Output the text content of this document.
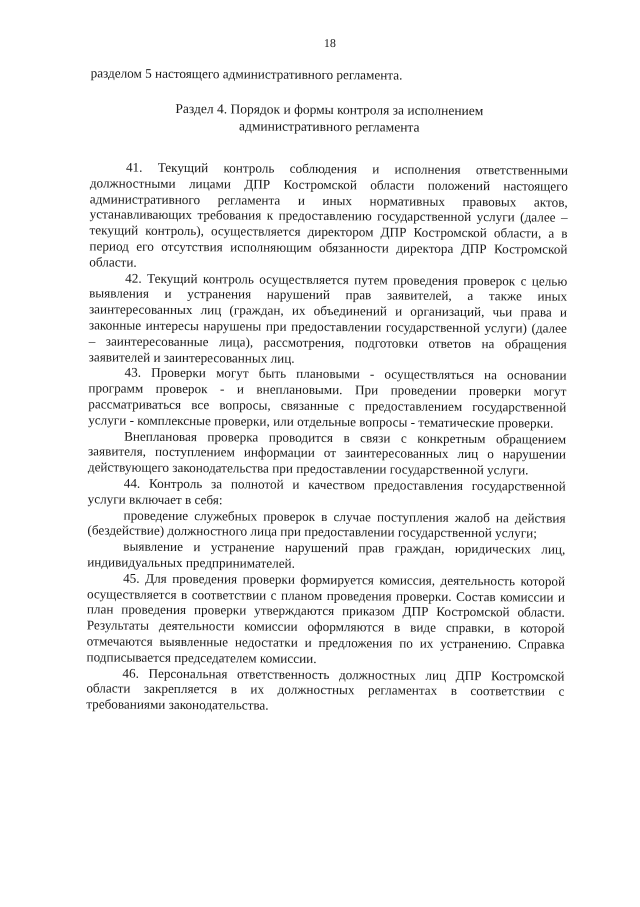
18

разделом 5 настоящего административного регламента.

Раздел 4. Порядок и формы контроля за исполнением
административного регламента

41. Текущий контроль соблюдения и исполнения ответственными должностными лицами ДПР Костромской области положений настоящего административного регламента и иных нормативных правовых актов, устанавливающих требования к предоставлению государственной услуги (далее – текущий контроль), осуществляется директором ДПР Костромской области, а в период его отсутствия исполняющим обязанности директора ДПР Костромской области.

42. Текущий контроль осуществляется путем проведения проверок с целью выявления и устранения нарушений прав заявителей, а также иных заинтересованных лиц (граждан, их объединений и организаций, чьи права и законные интересы нарушены при предоставлении государственной услуги) (далее – заинтересованные лица), рассмотрения, подготовки ответов на обращения заявителей и заинтересованных лиц.

43. Проверки могут быть плановыми - осуществляться на основании программ проверок - и внеплановыми. При проведении проверки могут рассматриваться все вопросы, связанные с предоставлением государственной услуги - комплексные проверки, или отдельные вопросы - тематические проверки.

Внеплановая проверка проводится в связи с конкретным обращением заявителя, поступлением информации от заинтересованных лиц о нарушении действующего законодательства при предоставлении государственной услуги.

44. Контроль за полнотой и качеством предоставления государственной услуги включает в себя:

проведение служебных проверок в случае поступления жалоб на действия (бездействие) должностного лица при предоставлении государственной услуги;

выявление и устранение нарушений прав граждан, юридических лиц, индивидуальных предпринимателей.

45. Для проведения проверки формируется комиссия, деятельность которой осуществляется в соответствии с планом проведения проверки. Состав комиссии и план проведения проверки утверждаются приказом ДПР Костромской области. Результаты деятельности комиссии оформляются в виде справки, в которой отмечаются выявленные недостатки и предложения по их устранению. Справка подписывается председателем комиссии.

46. Персональная ответственность должностных лиц ДПР Костромской области закрепляется в их должностных регламентах в соответствии с требованиями законодательства.
